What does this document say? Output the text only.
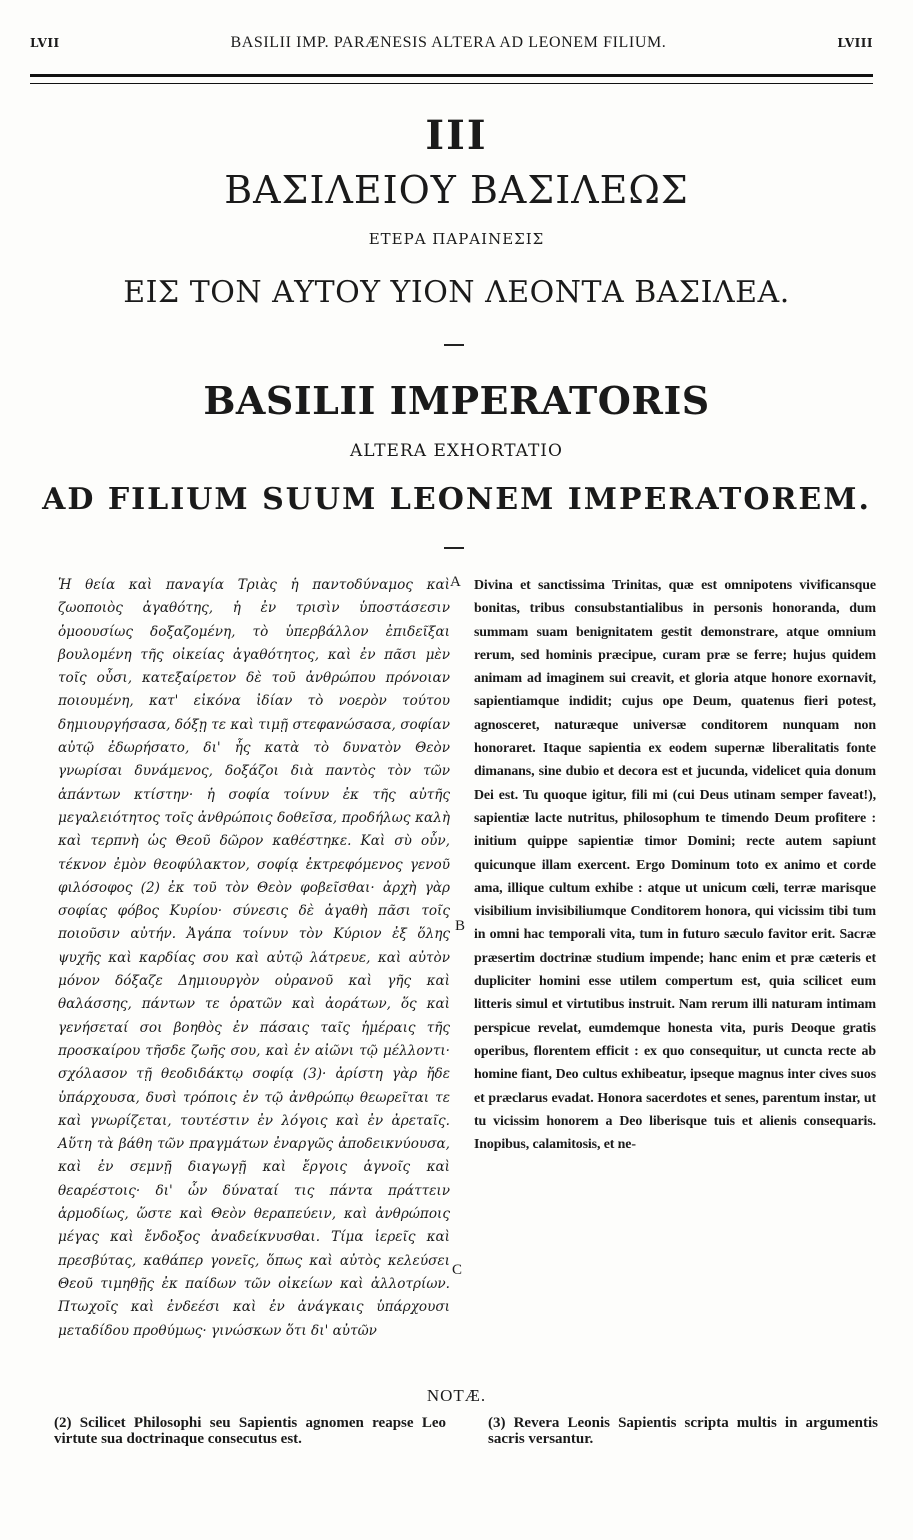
LVII	BASILII IMP. PARÆNESIS ALTERA AD LEONEM FILIUM.	LVIII
III
ΒΑΣΙΛΕΙΟΥ ΒΑΣΙΛΕΩΣ
ΕΤΕΡΑ ΠΑΡΑΙΝΕΣΙΣ
ΕΙΣ ΤΟΝ ΑΥΤΟΥ ΥΙΟΝ ΛΕΟΝΤΑ ΒΑΣΙΛΕΑ.
BASILII IMPERATORIS
ALTERA EXHORTATIO
AD FILIUM SUUM LEONEM IMPERATOREM.

Ἡ θεία καὶ παναγία Τριὰς ἡ παντοδύναμος καὶ ζωοποιὸς ἀγαθότης, ἡ ἐν τρισὶν ὑποστάσεσιν ὁμοουσίως δοξαζομένη, τὸ ὑπερβάλλον ἐπιδεῖξαι βουλομένη τῆς οἰκείας ἀγαθότητος, καὶ ἐν πᾶσι μὲν τοῖς οὖσι, κατεξαίρετον δὲ τοῦ ἀνθρώπου πρόνοιαν ποιουμένη, κατ' εἰκόνα ἰδίαν τὸ νοερὸν τούτου δημιουργήσασα, δόξῃ τε καὶ τιμῇ στεφανώσασα, σοφίαν αὐτῷ ἐδωρήσατο, δι' ἧς κατὰ τὸ δυνατὸν Θεὸν γνωρίσαι δυνάμενος, δοξάζοι διὰ παντὸς τὸν τῶν ἁπάντων κτίστην· ἡ σοφία τοίνυν ἐκ τῆς αὐτῆς μεγαλειότητος τοῖς ἀνθρώποις δοθεῖσα, προδήλως καλὴ καὶ τερπνὴ ὡς Θεοῦ δῶρον καθέστηκε. Καὶ σὺ οὖν, τέκνον ἐμὸν θεοφύλακτον, σοφίᾳ ἐκτρεφόμενος γενοῦ φιλόσοφος (2) ἐκ τοῦ τὸν Θεὸν φοβεῖσθαι· ἀρχὴ γὰρ σοφίας φόβος Κυρίου· σύνεσις δὲ ἀγαθὴ πᾶσι τοῖς ποιοῦσιν αὐτήν. Ἀγάπα τοίνυν τὸν Κύριον ἐξ ὅλης ψυχῆς καὶ καρδίας σου καὶ αὐτῷ λάτρευε, καὶ αὐτὸν μόνον δόξαζε Δημιουργὸν οὐρανοῦ καὶ γῆς καὶ θαλάσσης, πάντων τε ὁρατῶν καὶ ἀοράτων, ὅς καὶ γενήσεταί σοι βοηθὸς ἐν πάσαις ταῖς ἡμέραις τῆς προσκαίρου τῆσδε ζωῆς σου, καὶ ἐν αἰῶνι τῷ μέλλοντι· σχόλασον τῇ θεοδιδάκτῳ σοφίᾳ (3)· ἀρίστη γὰρ ἤδε ὑπάρχουσα, δυσὶ τρόποις ἐν τῷ ἀνθρώπῳ θεωρεῖται τε καὶ γνωρίζεται, τουτέστιν ἐν λόγοις καὶ ἐν ἀρεταῖς. Αὕτη τὰ βάθη τῶν πραγμάτων ἐναργῶς ἀποδεικνύουσα, καὶ ἐν σεμνῇ διαγωγῇ καὶ ἔργοις ἁγνοῖς καὶ θεαρέστοις· δι' ὧν δύναταί τις πάντα πράττειν ἁρμοδίως, ὥστε καὶ Θεὸν θεραπεύειν, καὶ ἀνθρώποις μέγας καὶ ἔνδοξος ἀναδείκνυσθαι. Τίμα ἱερεῖς καὶ πρεσβύτας, καθάπερ γονεῖς, ὅπως καὶ αὐτὸς κελεύσει Θεοῦ τιμηθῇς ἐκ παίδων τῶν οἰκείων καὶ ἀλλοτρίων. Πτωχοῖς καὶ ἐνδεέσι καὶ ἐν ἀνάγκαις ὑπάρχουσι μεταδίδου προθύμως· γινώσκων ὅτι δι' αὐτῶν

A
B
C

Divina et sanctissima Trinitas, quæ est omnipotens vivificansque bonitas, tribus consubstantialibus in personis honoranda, dum summam suam benignitatem gestit demonstrare, atque omnium rerum, sed hominis præcipue, curam præ se ferre; hujus quidem animam ad imaginem sui creavit, et gloria atque honore exornavit, sapientiamque indidit; cujus ope Deum, quatenus fieri potest, agnosceret, naturæque universæ conditorem nunquam non honoraret. Itaque sapientia ex eodem supernæ liberalitatis fonte dimanans, sine dubio et decora est et jucunda, videlicet quia donum Dei est. Tu quoque igitur, fili mi (cui Deus utinam semper faveat!), sapientiæ lacte nutritus, philosophum te timendo Deum profitere : initium quippe sapientiæ timor Domini; recte autem sapiunt quicunque illam exercent. Ergo Dominum toto ex animo et corde ama, illique cultum exhibe : atque ut unicum cœli, terræ marisque visibilium invisibiliumque Conditorem honora, qui vicissim tibi tum in omni hac temporali vita, tum in futuro sæculo favitor erit. Sacræ præsertim doctrinæ studium impende; hanc enim et præ cæteris et dupliciter homini esse utilem compertum est, quia scilicet eum litteris simul et virtutibus instruit. Nam rerum illi naturam intimam perspicue revelat, eumdemque honesta vita, puris Deoque gratis operibus, florentem efficit : ex quo consequitur, ut cuncta recte ab homine fiant, Deo cultus exhibeatur, ipseque magnus inter cives suos et præclarus evadat. Honora sacerdotes et senes, parentum instar, ut tu vicissim honorem a Deo liberisque tuis et alienis consequaris. Inopibus, calamitosis, et ne-

NOTÆ.
(2) Scilicet Philosophi seu Sapientis agnomen reapse Leo virtute sua doctrinaque consecutus est.
(3) Revera Leonis Sapientis scripta multis in argumentis sacris versantur.
